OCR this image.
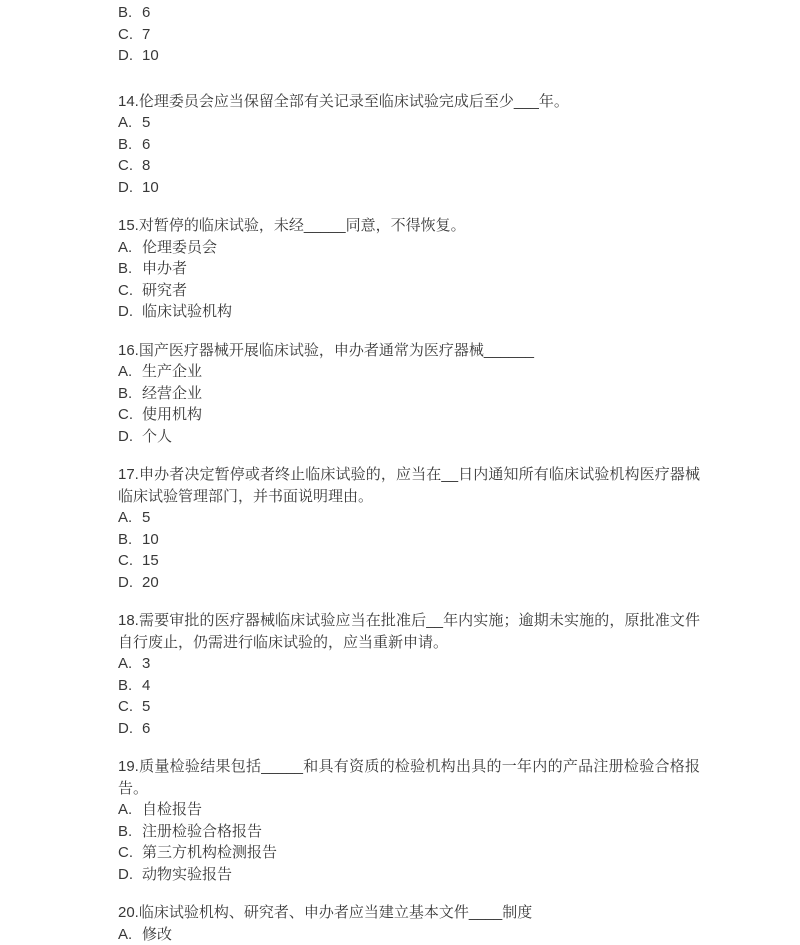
B. 6

C. 7

D. 10

14.伦理委员会应当保留全部有关记录至临床试验完成后至少___年。

A. 5

B. 6

C. 8

D. 10

15.对暂停的临床试验，未经_____同意，不得恢复。

A. 伦理委员会

B. 申办者

C. 研究者

D. 临床试验机构

16.国产医疗器械开展临床试验，申办者通常为医疗器械______

A. 生产企业

B. 经营企业

C. 使用机构

D. 个人

17.申办者决定暂停或者终止临床试验的，应当在__日内通知所有临床试验机构医疗器械临床试验管理部门，并书面说明理由。

A. 5

B. 10

C. 15

D. 20

18.需要审批的医疗器械临床试验应当在批准后__年内实施；逾期未实施的，原批准文件自行废止，仍需进行临床试验的，应当重新申请。

A. 3

B. 4

C. 5

D. 6

19.质量检验结果包括_____和具有资质的检验机构出具的一年内的产品注册检验合格报告。

A. 自检报告

B. 注册检验合格报告

C. 第三方机构检测报告

D. 动物实验报告

20.临床试验机构、研究者、申办者应当建立基本文件____制度

A. 修改
